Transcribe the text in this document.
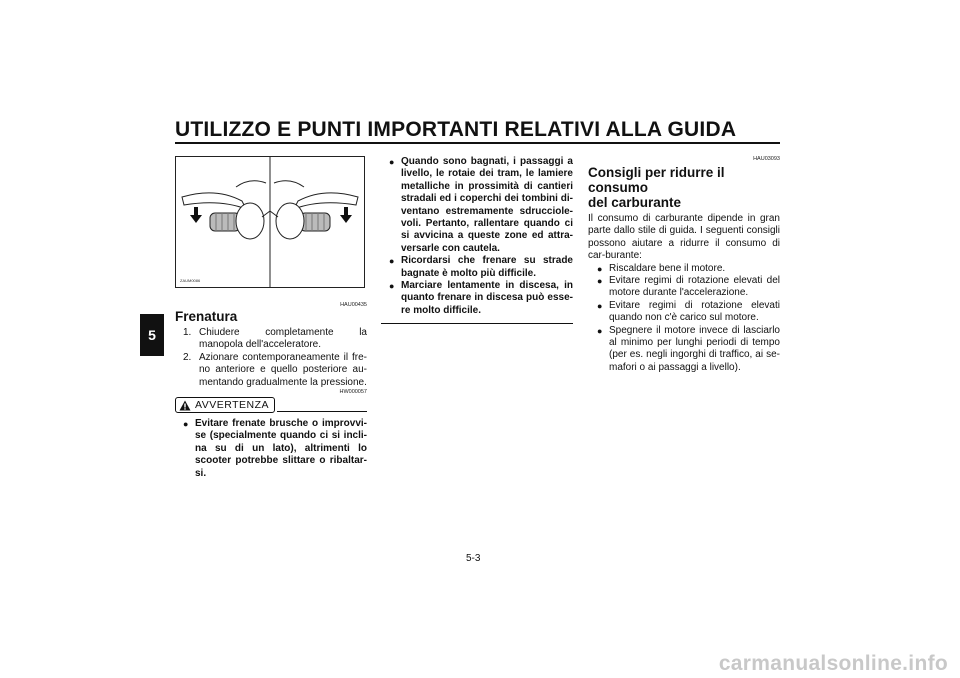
UTILIZZO E PUNTI IMPORTANTI RELATIVI ALLA GUIDA
5
ZAUM0086
HAU00435
Frenatura
1. Chiudere completamente la manopola dell'acceleratore.
2. Azionare contemporaneamente il fre-no anteriore e quello posteriore au-mentando gradualmente la pressione.
HW000057
AVVERTENZA
● Evitare frenate brusche o improvvi-se (specialmente quando ci si incli-na su di un lato), altrimenti lo scooter potrebbe slittare o ribaltar-si.
● Quando sono bagnati, i passaggi a livello, le rotaie dei tram, le lamiere metalliche in prossimità di cantieri stradali ed i coperchi dei tombini di-ventano estremamente sdrucciole-voli. Pertanto, rallentare quando ci si avvicina a queste zone ed attra-versarle con cautela.
● Ricordarsi che frenare su strade bagnate è molto più difficile.
● Marciare lentamente in discesa, in quanto frenare in discesa può esse-re molto difficile.
HAU03093
Consigli per ridurre il consumo
del carburante

Il consumo di carburante dipende in gran parte dallo stile di guida. I seguenti consigli possono aiutare a ridurre il consumo di car-burante:

● Riscaldare bene il motore.
● Evitare regimi di rotazione elevati del motore durante l'accelerazione.
● Evitare regimi di rotazione elevati quando non c'è carico sul motore.
● Spegnere il motore invece di lasciarlo al minimo per lunghi periodi di tempo (per es. negli ingorghi di traffico, ai se-mafori o ai passaggi a livello).
5-3
carmanualsonline.info
